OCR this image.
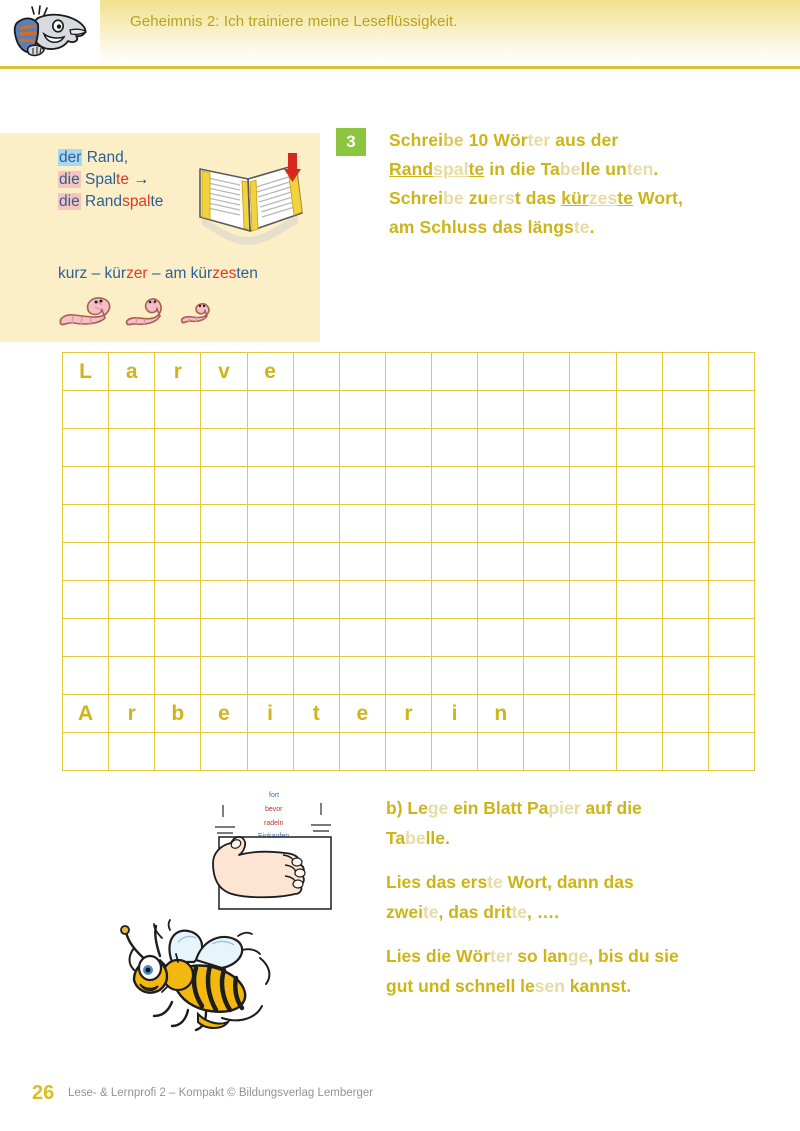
Geheimnis 2: Ich trainiere meine Leseflüssigkeit.
der Rand,
die Spalte →
die Randspalte
kurz – kürzer – am kürzesten
3	Schreibe 10 Wörter aus der
Randspalte in die Tabelle unten.
Schreibe zuerst das kürzeste Wort,
am Schluss das längste.
L	a	r	v	e										

A	r	b	e	i	t	e	r	i	n					

fort
bevor
radeln
b) Lege ein Blatt Papier auf die
Tabelle.
Lies das erste Wort, dann das
zweite, das dritte, ….
Lies die Wörter so lange, bis du sie
gut und schnell lesen kannst.
26 Lese- & Lernprofi 2 – Kompakt © Bildungsverlag Lemberger
